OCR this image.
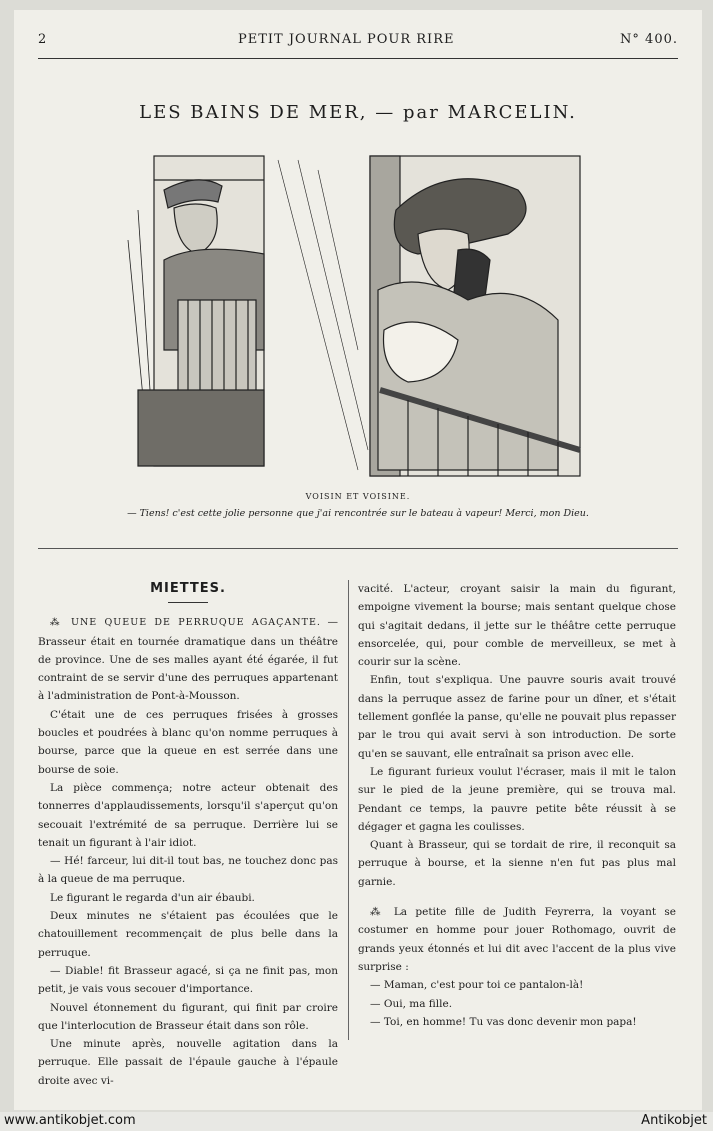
2	PETIT JOURNAL POUR RIRE	N° 400.
LES BAINS DE MER, — par MARCELIN.
VOISIN ET VOISINE.
— Tiens! c'est cette jolie personne que j'ai rencontrée sur le bateau à vapeur! Merci, mon Dieu.

MIETTES.

⁂ UNE QUEUE DE PERRUQUE AGAÇANTE. — Brasseur était en tournée dramatique dans un théâtre de province. Une de ses malles ayant été égarée, il fut contraint de se servir d'une des perruques appartenant à l'administration de Pont-à-Mousson.

C'était une de ces perruques frisées à grosses boucles et poudrées à blanc qu'on nomme perruques à bourse, parce que la queue en est serrée dans une bourse de soie.

La pièce commença; notre acteur obtenait des tonnerres d'applaudissements, lorsqu'il s'aperçut qu'on secouait l'extrémité de sa perruque. Derrière lui se tenait un figurant à l'air idiot.

— Hé! farceur, lui dit-il tout bas, ne touchez donc pas à la queue de ma perruque.

Le figurant le regarda d'un air ébaubi.

Deux minutes ne s'étaient pas écoulées que le chatouillement recommençait de plus belle dans la perruque.

— Diable! fit Brasseur agacé, si ça ne finit pas, mon petit, je vais vous secouer d'importance.

Nouvel étonnement du figurant, qui finit par croire que l'interlocution de Brasseur était dans son rôle.

Une minute après, nouvelle agitation dans la perruque. Elle passait de l'épaule gauche à l'épaule droite avec vi-

vacité. L'acteur, croyant saisir la main du figurant, empoigne vivement la bourse; mais sentant quelque chose qui s'agitait dedans, il jette sur le théâtre cette perruque ensorcelée, qui, pour comble de merveilleux, se met à courir sur la scène.

Enfin, tout s'expliqua. Une pauvre souris avait trouvé dans la perruque assez de farine pour un dîner, et s'était tellement gonflée la panse, qu'elle ne pouvait plus repasser par le trou qui avait servi à son introduction. De sorte qu'en se sauvant, elle entraînait sa prison avec elle.

Le figurant furieux voulut l'écraser, mais il mit le talon sur le pied de la jeune première, qui se trouva mal. Pendant ce temps, la pauvre petite bête réussit à se dégager et gagna les coulisses.

Quant à Brasseur, qui se tordait de rire, il reconquit sa perruque à bourse, et la sienne n'en fut pas plus mal garnie.

⁂ La petite fille de Judith Feyrerra, la voyant se costumer en homme pour jouer Rothomago, ouvrit de grands yeux étonnés et lui dit avec l'accent de la plus vive surprise :

— Maman, c'est pour toi ce pantalon-là!

— Oui, ma fille.

— Toi, en homme! Tu vas donc devenir mon papa!

www.antikobjet.com	Antikobjet
